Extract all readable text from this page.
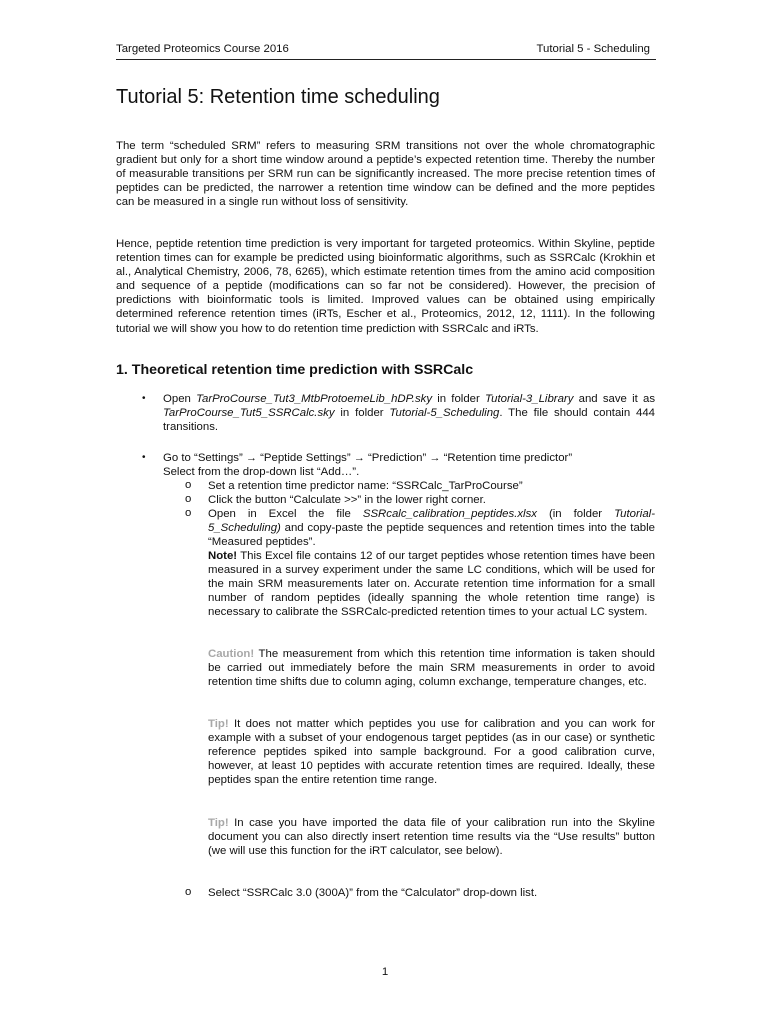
Targeted Proteomics Course 2016	Tutorial 5 - Scheduling
Tutorial 5: Retention time scheduling

The term “scheduled SRM” refers to measuring SRM transitions not over the whole chromatographic gradient but only for a short time window around a peptide’s expected retention time. Thereby the number of measurable transitions per SRM run can be significantly increased. The more precise retention times of peptides can be predicted, the narrower a retention time window can be defined and the more peptides can be measured in a single run without loss of sensitivity.

Hence, peptide retention time prediction is very important for targeted proteomics. Within Skyline, peptide retention times can for example be predicted using bioinformatic algorithms, such as SSRCalc (Krokhin et al., Analytical Chemistry, 2006, 78, 6265), which estimate retention times from the amino acid composition and sequence of a peptide (modifications can so far not be considered). However, the precision of predictions with bioinformatic tools is limited. Improved values can be obtained using empirically determined reference retention times (iRTs, Escher et al., Proteomics, 2012, 12, 1111). In the following tutorial we will show you how to do retention time prediction with SSRCalc and iRTs.

1. Theoretical retention time prediction with SSRCalc
• Open TarProCourse_Tut3_MtbProtoemeLib_hDP.sky in folder Tutorial-3_Library and save it as TarProCourse_Tut5_SSRCalc.sky in folder Tutorial-5_Scheduling. The file should contain 444 transitions.

• Go to “Settings” → “Peptide Settings” → “Prediction” → “Retention time predictor”
Select from the drop-down list “Add…”.

o Set a retention time predictor name: “SSRCalc_TarProCourse”

o Click the button “Calculate >>” in the lower right corner.

o Open in Excel the file SSRcalc_calibration_peptides.xlsx (in folder Tutorial-5_Scheduling) and copy-paste the peptide sequences and retention times into the table “Measured peptides”.

Note! This Excel file contains 12 of our target peptides whose retention times have been measured in a survey experiment under the same LC conditions, which will be used for the main SRM measurements later on. Accurate retention time information for a small number of random peptides (ideally spanning the whole retention time range) is necessary to calibrate the SSRCalc-predicted retention times to your actual LC system.

Caution! The measurement from which this retention time information is taken should be carried out immediately before the main SRM measurements in order to avoid retention time shifts due to column aging, column exchange, temperature changes, etc.

Tip! It does not matter which peptides you use for calibration and you can work for example with a subset of your endogenous target peptides (as in our case) or synthetic reference peptides spiked into sample background. For a good calibration curve, however, at least 10 peptides with accurate retention times are required. Ideally, these peptides span the entire retention time range.

Tip! In case you have imported the data file of your calibration run into the Skyline document you can also directly insert retention time results via the “Use results” button (we will use this function for the iRT calculator, see below).

o Select “SSRCalc 3.0 (300A)” from the “Calculator” drop-down list.

1
